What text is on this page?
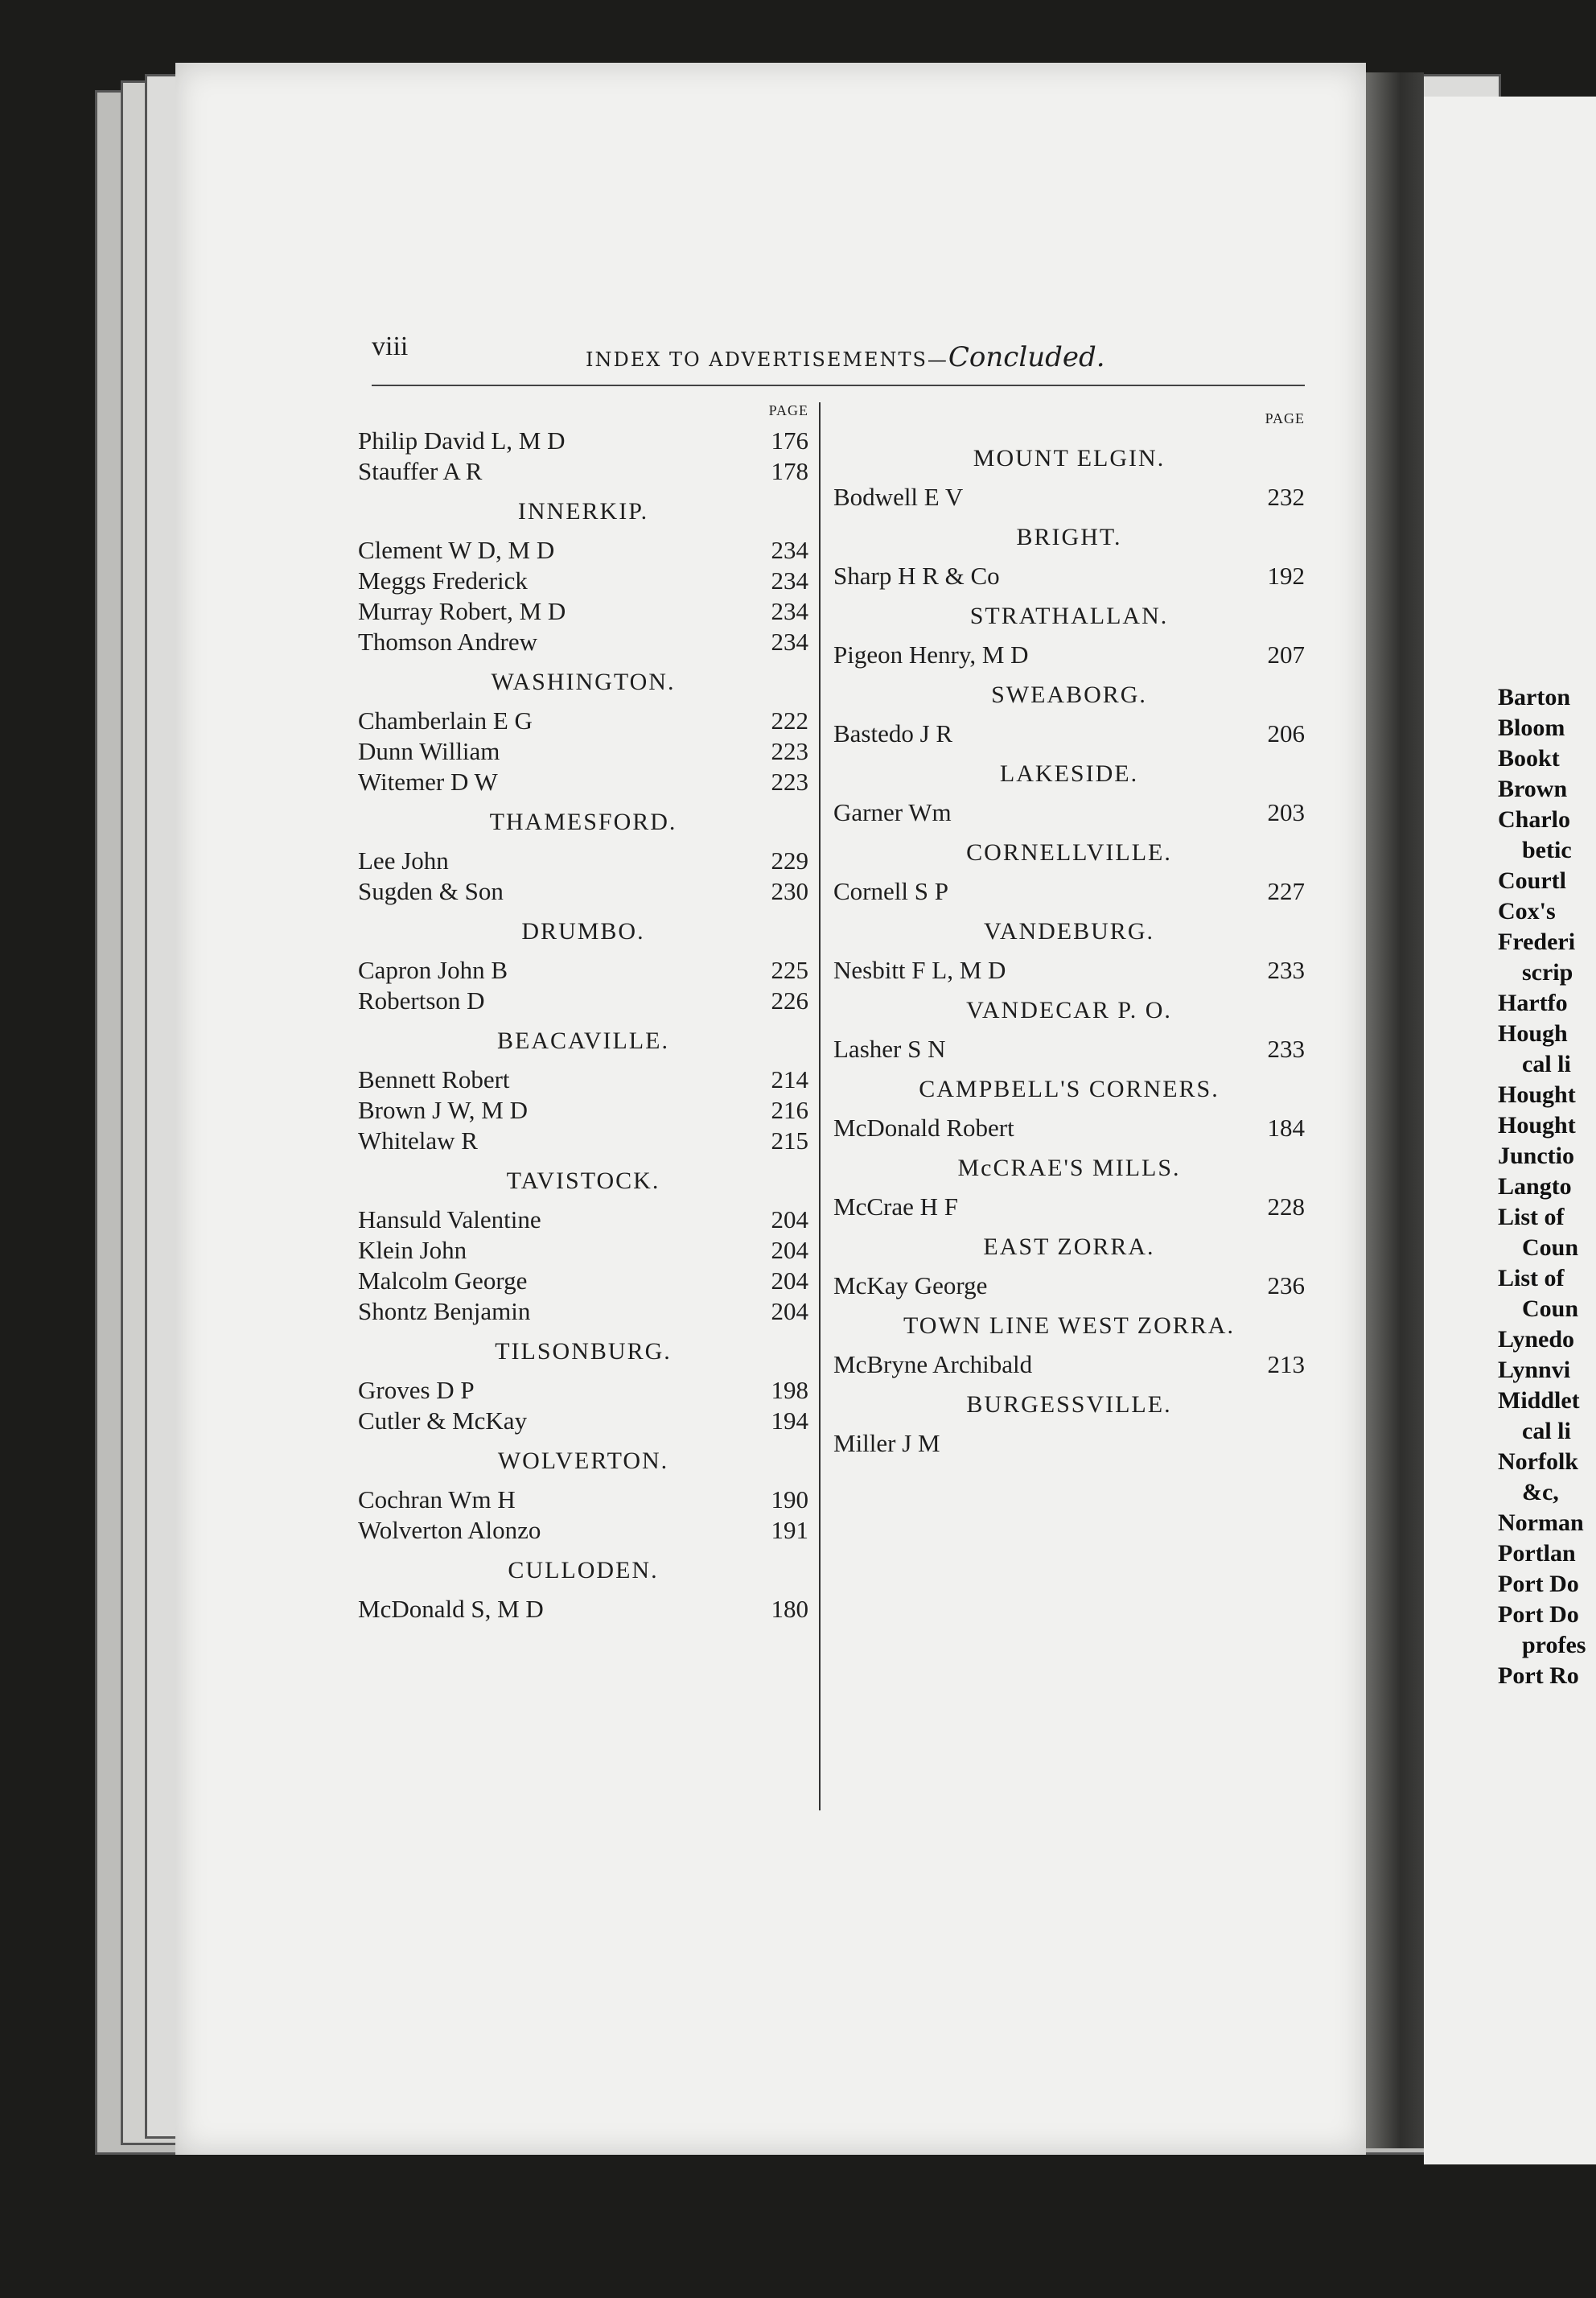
Barton
Bloom
Bookt
Brown
Charlo
betic
Courtl
Cox's
Frederi
scrip
Hartfo
Hough
cal li
Hought
Hought
Junctio
Langto
List of
Coun
List of
Coun
Lynedo
Lynnvi
Middlet
cal li
Norfolk
&c,
Norman
Portlan
Port Do
Port Do
profes
Port Ro
viii	INDEX TO ADVERTISEMENTS—Concluded.
PAGE
Philip David L, M D	176
Stauffer A R	178
INNERKIP.
Clement W D, M D	234
Meggs Frederick	234
Murray Robert, M D	234
Thomson Andrew	234
WASHINGTON.
Chamberlain E G	222
Dunn William	223
Witemer D W	223
THAMESFORD.
Lee John	229
Sugden & Son	230
DRUMBO.
Capron John B	225
Robertson D	226
BEACAVILLE.
Bennett Robert	214
Brown J W, M D	216
Whitelaw R	215
TAVISTOCK.
Hansuld Valentine	204
Klein John	204
Malcolm George	204
Shontz Benjamin	204
TILSONBURG.
Groves D P	198
Cutler & McKay	194
WOLVERTON.
Cochran Wm H	190
Wolverton Alonzo	191
CULLODEN.
McDonald S, M D	180
PAGE
MOUNT ELGIN.
Bodwell E V	232
BRIGHT.
Sharp H R & Co	192
STRATHALLAN.
Pigeon Henry, M D	207
SWEABORG.
Bastedo J R	206
LAKESIDE.
Garner Wm	203
CORNELLVILLE.
Cornell S P	227
VANDEBURG.
Nesbitt F L, M D	233
VANDECAR P. O.
Lasher S N	233
CAMPBELL'S CORNERS.
McDonald Robert	184
McCRAE'S MILLS.
McCrae H F	228
EAST ZORRA.
McKay George	236
TOWN LINE WEST ZORRA.
McBryne Archibald	213
BURGESSVILLE.
Miller J M
